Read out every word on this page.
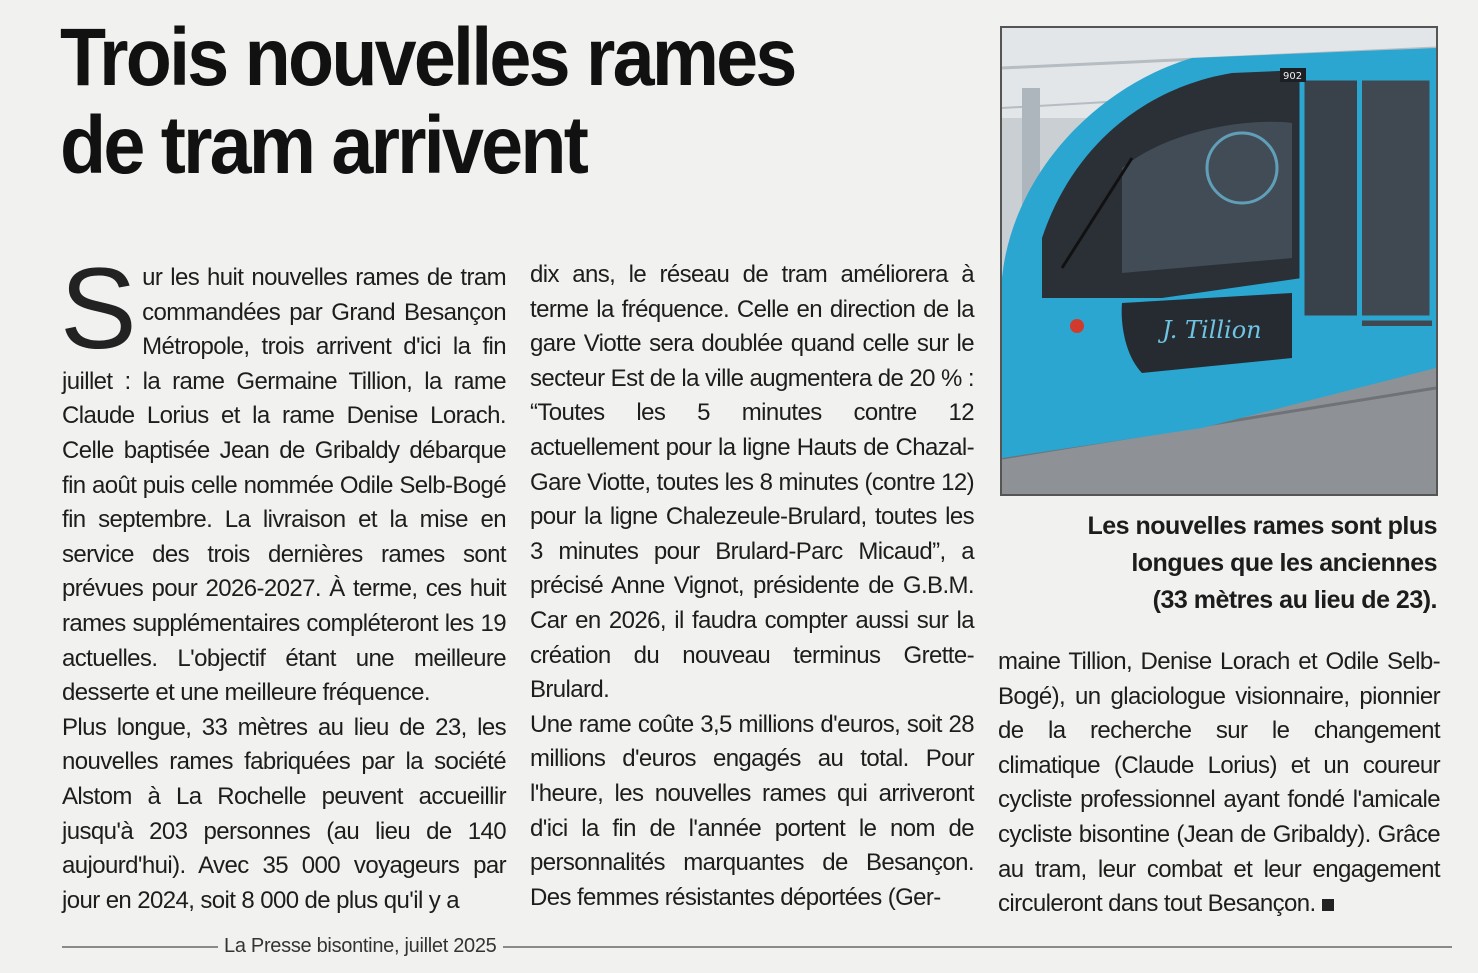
Trois nouvelles rames
de tram arrivent

Sur les huit nouvelles rames de tram commandées par Grand Besançon Métropole, trois arrivent d'ici la fin juillet : la rame Germaine Tillion, la rame Claude Lorius et la rame Denise Lorach. Celle baptisée Jean de Gribaldy débarque fin août puis celle nommée Odile Selb-Bogé fin septembre. La livraison et la mise en service des trois dernières rames sont prévues pour 2026-2027. À terme, ces huit rames supplémentaires compléteront les 19 actuelles. L'objectif étant une meilleure desserte et une meilleure fréquence.

Plus longue, 33 mètres au lieu de 23, les nouvelles rames fabriquées par la société Alstom à La Rochelle peuvent accueillir jusqu'à 203 personnes (au lieu de 140 aujourd'hui). Avec 35 000 voyageurs par jour en 2024, soit 8 000 de plus qu'il y a

dix ans, le réseau de tram améliorera à terme la fréquence. Celle en direction de la gare Viotte sera doublée quand celle sur le secteur Est de la ville augmentera de 20 % : “Toutes les 5 minutes contre 12 actuellement pour la ligne Hauts de Chazal-Gare Viotte, toutes les 8 minutes (contre 12) pour la ligne Chalezeule-Brulard, toutes les 3 minutes pour Brulard-Parc Micaud”, a précisé Anne Vignot, présidente de G.B.M. Car en 2026, il faudra compter aussi sur la création du nouveau terminus Grette-Brulard.

Une rame coûte 3,5 millions d'euros, soit 28 millions d'euros engagés au total. Pour l'heure, les nouvelles rames qui arriveront d'ici la fin de l'année portent le nom de personnalités marquantes de Besançon. Des femmes résistantes déportées (Ger-

J. Tillion
902
Les nouvelles rames sont plus
longues que les anciennes
(33 mètres au lieu de 23).

maine Tillion, Denise Lorach et Odile Selb-Bogé), un glaciologue visionnaire, pionnier de la recherche sur le changement climatique (Claude Lorius) et un coureur cycliste professionnel ayant fondé l'amicale cycliste bisontine (Jean de Gribaldy). Grâce au tram, leur combat et leur engagement circuleront dans tout Besançon.

La Presse bisontine, juillet 2025
